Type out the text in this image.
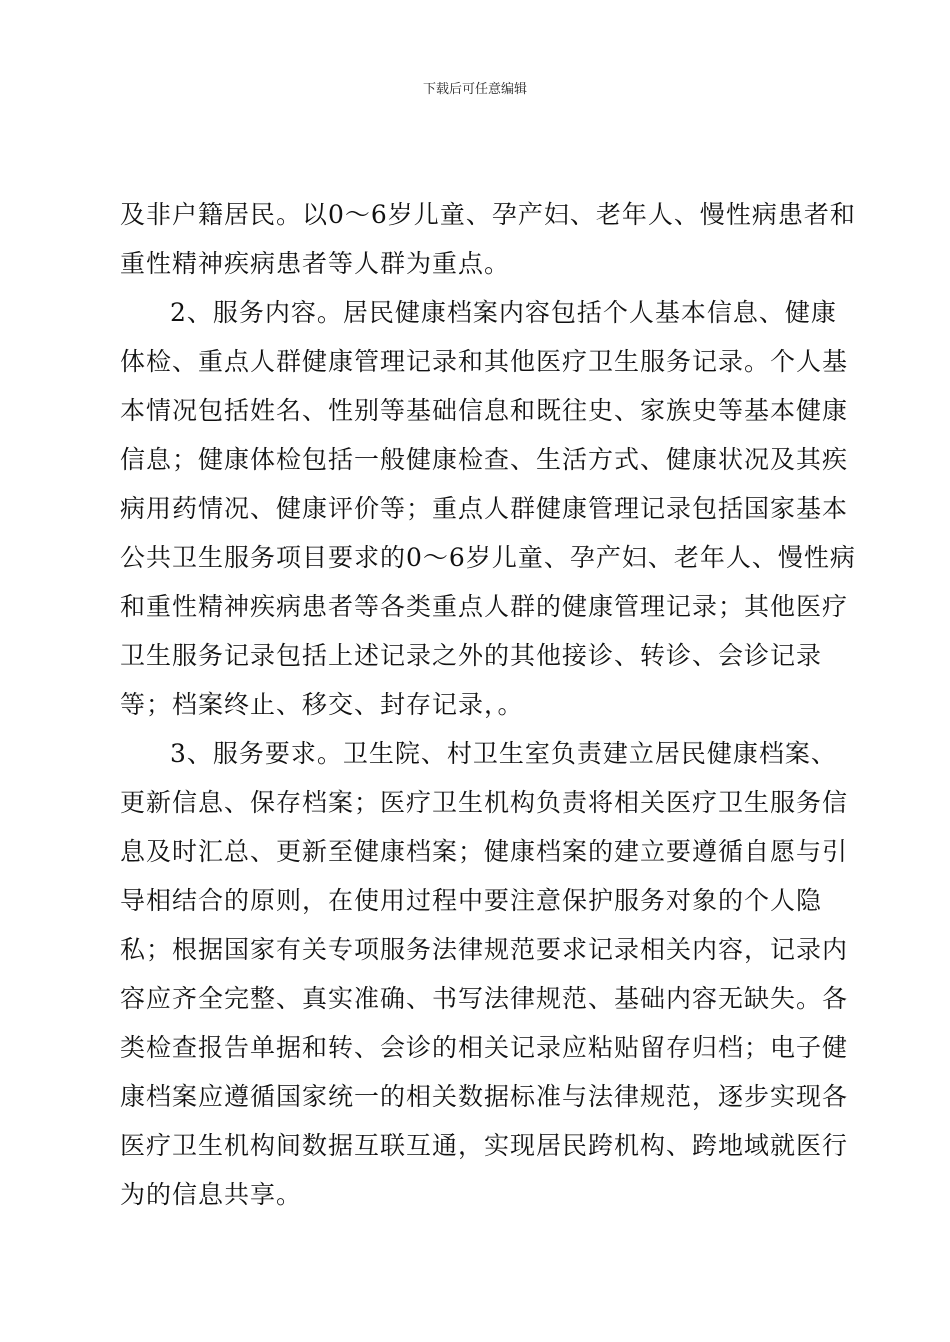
下载后可任意编辑
及非户籍居民。以0～6岁儿童、孕产妇、老年人、慢性病患者和
重性精神疾病患者等人群为重点。
2、服务内容。居民健康档案内容包括个人基本信息、健康
体检、重点人群健康管理记录和其他医疗卫生服务记录。个人基
本情况包括姓名、性别等基础信息和既往史、家族史等基本健康
信息；健康体检包括一般健康检查、生活方式、健康状况及其疾
病用药情况、健康评价等；重点人群健康管理记录包括国家基本
公共卫生服务项目要求的0～6岁儿童、孕产妇、老年人、慢性病
和重性精神疾病患者等各类重点人群的健康管理记录；其他医疗
卫生服务记录包括上述记录之外的其他接诊、转诊、会诊记录
等；档案终止、移交、封存记录，。
3、服务要求。卫生院、村卫生室负责建立居民健康档案、
更新信息、保存档案；医疗卫生机构负责将相关医疗卫生服务信
息及时汇总、更新至健康档案；健康档案的建立要遵循自愿与引
导相结合的原则，在使用过程中要注意保护服务对象的个人隐
私；根据国家有关专项服务法律规范要求记录相关内容，记录内
容应齐全完整、真实准确、书写法律规范、基础内容无缺失。各
类检查报告单据和转、会诊的相关记录应粘贴留存归档；电子健
康档案应遵循国家统一的相关数据标准与法律规范，逐步实现各
医疗卫生机构间数据互联互通，实现居民跨机构、跨地域就医行
为的信息共享。
